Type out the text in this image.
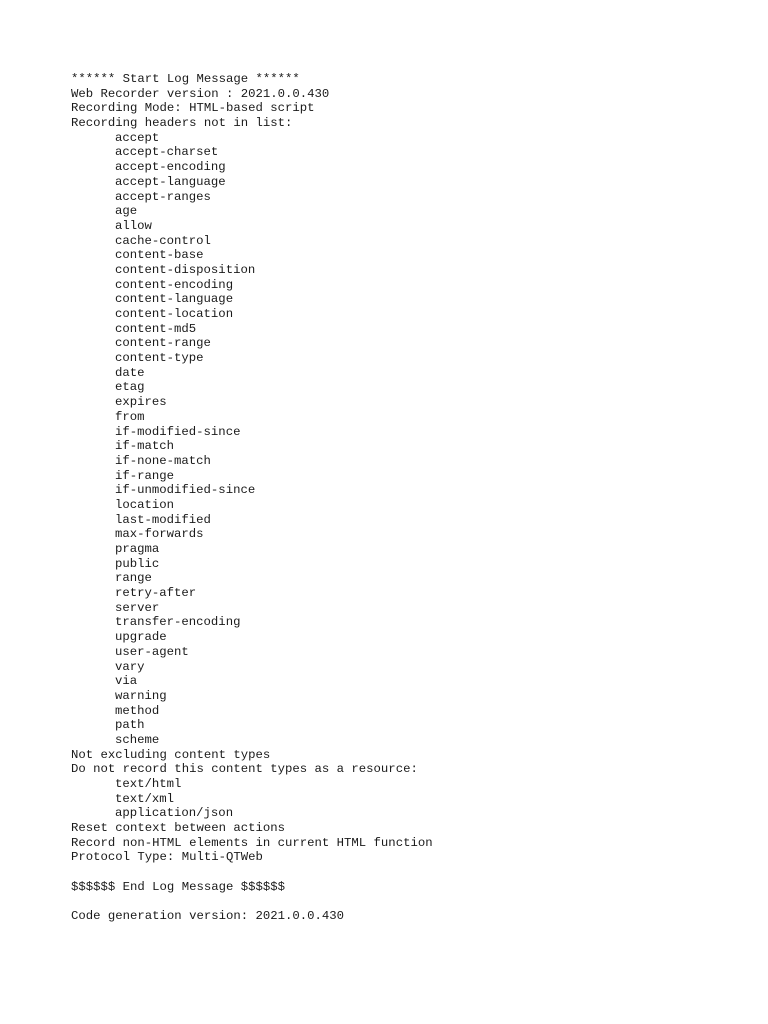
****** Start Log Message ******
Web Recorder version : 2021.0.0.430
Recording Mode: HTML-based script
Recording headers not in list:
accept
accept-charset
accept-encoding
accept-language
accept-ranges
age
allow
cache-control
content-base
content-disposition
content-encoding
content-language
content-location
content-md5
content-range
content-type
date
etag
expires
from
if-modified-since
if-match
if-none-match
if-range
if-unmodified-since
location
last-modified
max-forwards
pragma
public
range
retry-after
server
transfer-encoding
upgrade
user-agent
vary
via
warning
method
path
scheme
Not excluding content types
Do not record this content types as a resource:
text/html
text/xml
application/json
Reset context between actions
Record non-HTML elements in current HTML function
Protocol Type: Multi-QTWeb
$$$$$$ End Log Message $$$$$$
Code generation version: 2021.0.0.430
